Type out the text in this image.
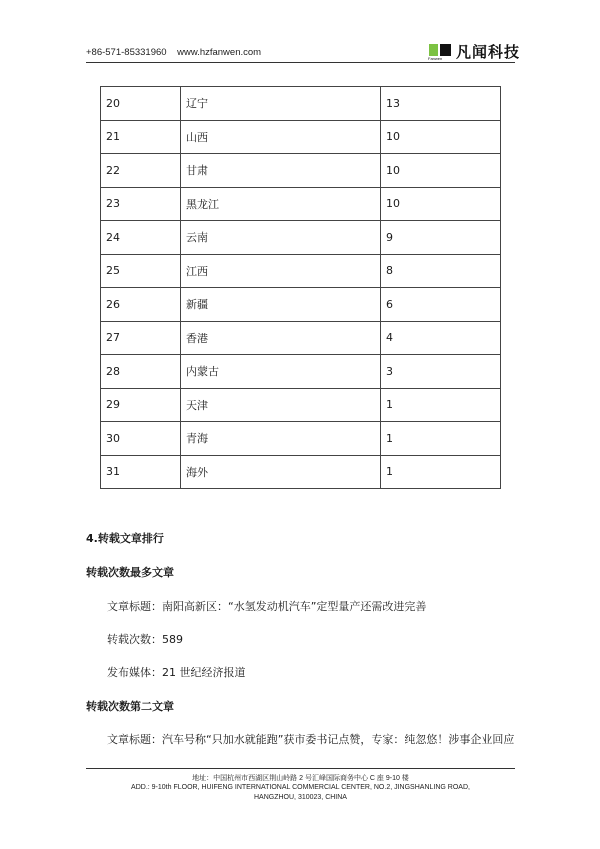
+86-571-85331960    www.hzfanwen.com	Fanwen 凡闻科技
20	辽宁	13
21	山西	10
22	甘肃	10
23	黑龙江	10
24	云南	9
25	江西	8
26	新疆	6
27	香港	4
28	内蒙古	3
29	天津	1
30	青海	1
31	海外	1
4.转载文章排行
转载次数最多文章
文章标题：南阳高新区：“水氢发动机汽车”定型量产还需改进完善
转载次数：589
发布媒体：21 世纪经济报道
转载次数第二文章
文章标题：汽车号称“只加水就能跑”获市委书记点赞，专家：纯忽悠！涉事企业回应
地址：中国杭州市西湖区荆山岭路 2 号汇峰国际商务中心 C 座 9-10 楼
ADD.: 9-10th FLOOR, HUIFENG INTERNATIONAL COMMERCIAL CENTER, NO.2, JINGSHANLING ROAD,
HANGZHOU, 310023, CHINA
